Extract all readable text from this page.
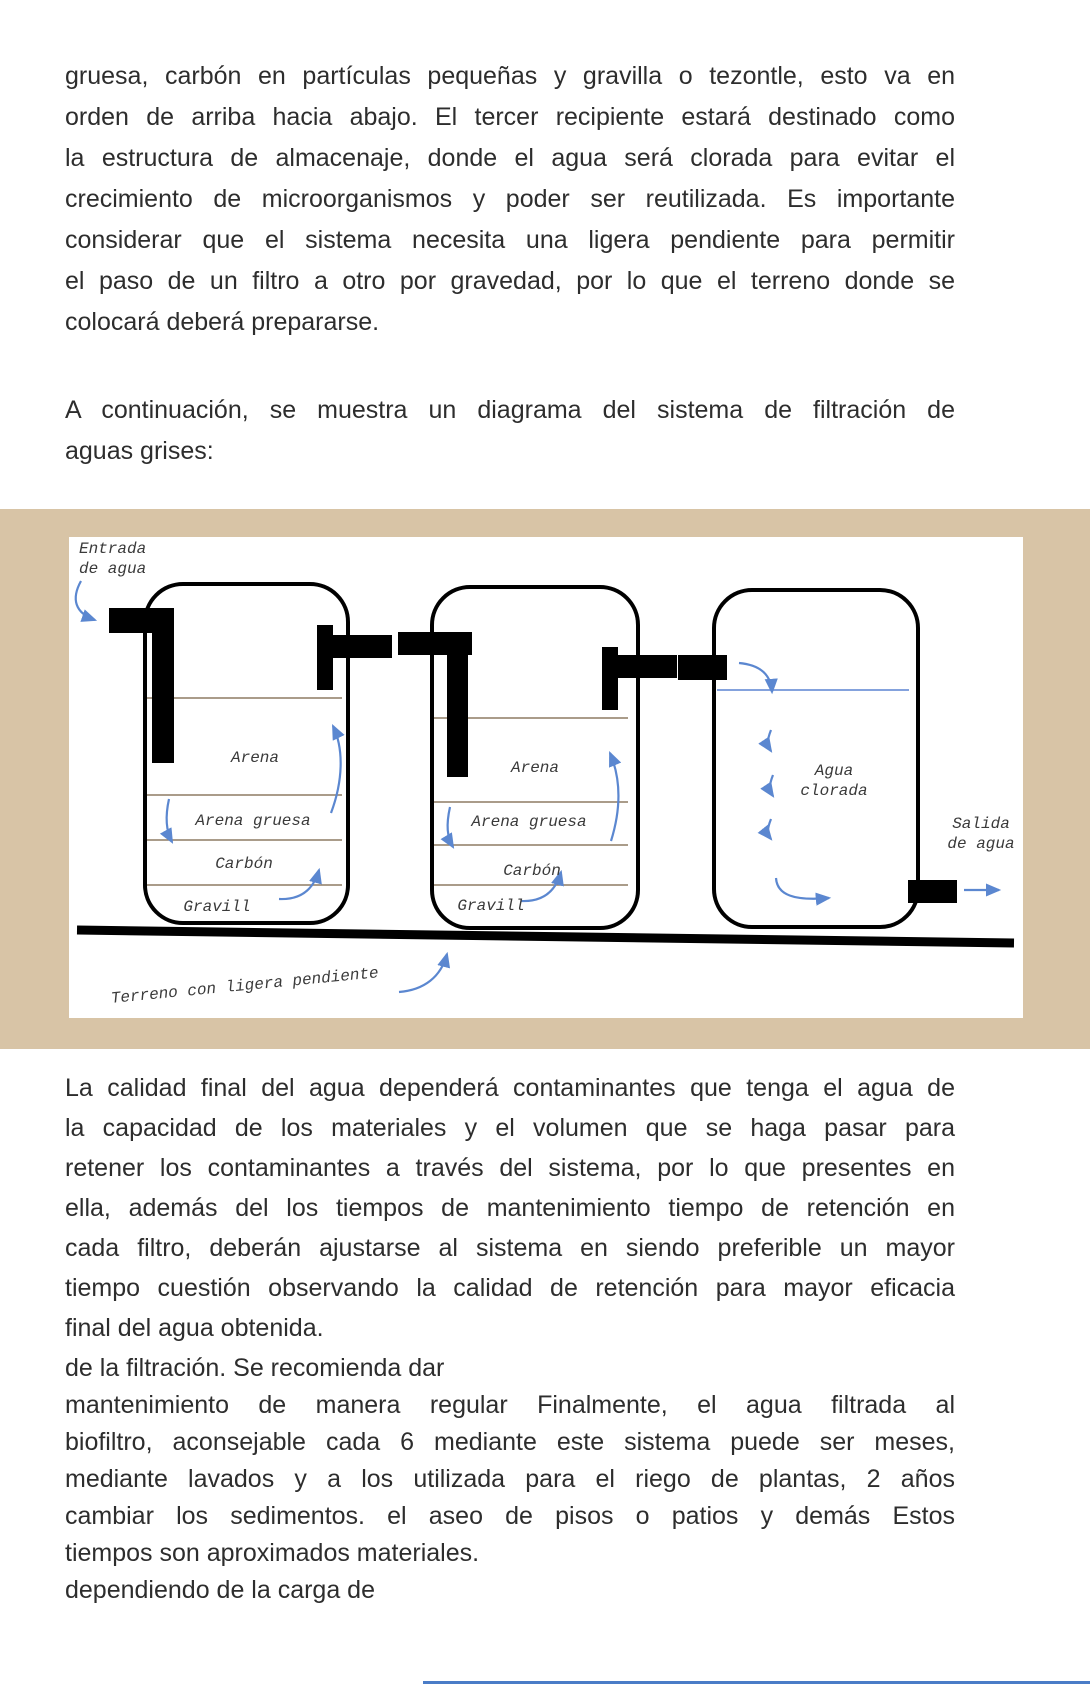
gruesa, carbón en partículas pequeñas y gravilla o tezontle, esto va en
orden de arriba hacia abajo. El tercer recipiente estará destinado como
la estructura de almacenaje, donde el agua será clorada para evitar el
crecimiento de microorganismos y poder ser reutilizada. Es importante
considerar que el sistema necesita una ligera pendiente para permitir
el paso de un filtro a otro por gravedad, por lo que el terreno donde se
colocará deberá prepararse.
A continuación, se muestra un diagrama del sistema de filtración de
aguas grises:
Entrada
de agua
Arena
Arena gruesa
Carbón
Gravill
Arena
Arena gruesa
Carbón
Gravill
Agua
clorada
Salida
de agua
Terreno con ligera pendiente
La calidad final del agua dependerá contaminantes que tenga el agua de
la capacidad de los materiales y el volumen que se haga pasar para
retener los contaminantes a través del sistema, por lo que presentes en
ella, además del los tiempos de mantenimiento tiempo de retención en
cada filtro, deberán ajustarse al sistema en siendo preferible un mayor
tiempo cuestión observando la calidad de retención para mayor eficacia
final del agua obtenida.
de la filtración. Se recomienda dar
mantenimiento de manera regular Finalmente, el agua filtrada al
biofiltro, aconsejable cada 6 mediante este sistema puede ser meses,
mediante lavados y a los utilizada para el riego de plantas, 2 años
cambiar los sedimentos. el aseo de pisos o patios y demás Estos
tiempos son aproximados materiales.
dependiendo de la carga de
